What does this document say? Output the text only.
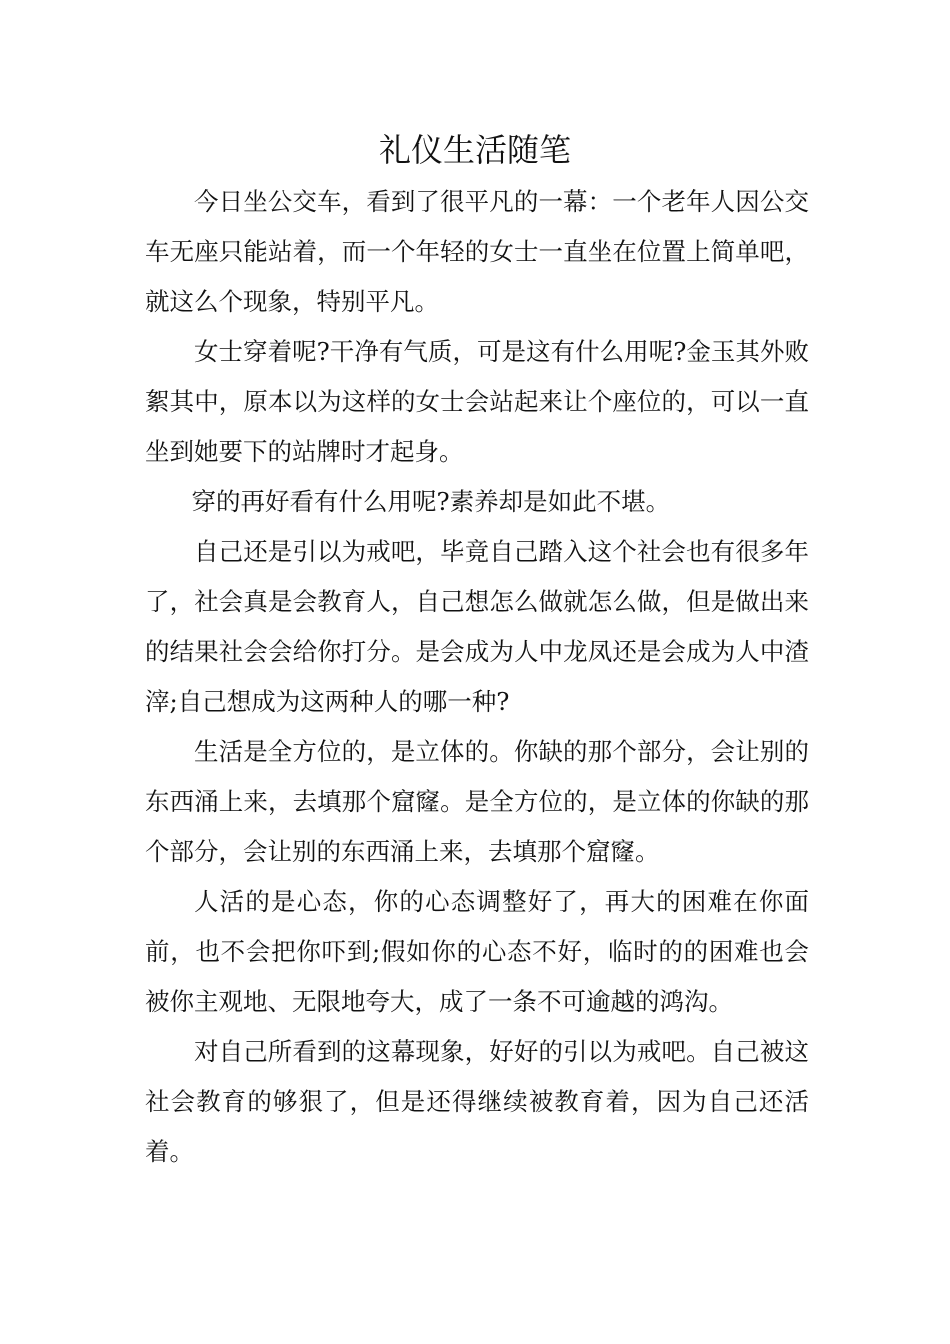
礼仪生活随笔

今日坐公交车，看到了很平凡的一幕：一个老年人因公交车无座只能站着，而一个年轻的女士一直坐在位置上简单吧，就这么个现象，特别平凡。

女士穿着呢?干净有气质，可是这有什么用呢?金玉其外败絮其中，原本以为这样的女士会站起来让个座位的，可以一直坐到她要下的站牌时才起身。

穿的再好看有什么用呢?素养却是如此不堪。

自己还是引以为戒吧，毕竟自己踏入这个社会也有很多年了，社会真是会教育人，自己想怎么做就怎么做，但是做出来的结果社会会给你打分。是会成为人中龙凤还是会成为人中渣滓;自己想成为这两种人的哪一种?

生活是全方位的，是立体的。你缺的那个部分，会让别的东西涌上来，去填那个窟窿。是全方位的，是立体的你缺的那个部分，会让别的东西涌上来，去填那个窟窿。

人活的是心态，你的心态调整好了，再大的困难在你面前，也不会把你吓到;假如你的心态不好，临时的的困难也会被你主观地、无限地夸大，成了一条不可逾越的鸿沟。

对自己所看到的这幕现象，好好的引以为戒吧。自己被这社会教育的够狠了，但是还得继续被教育着，因为自己还活着。
